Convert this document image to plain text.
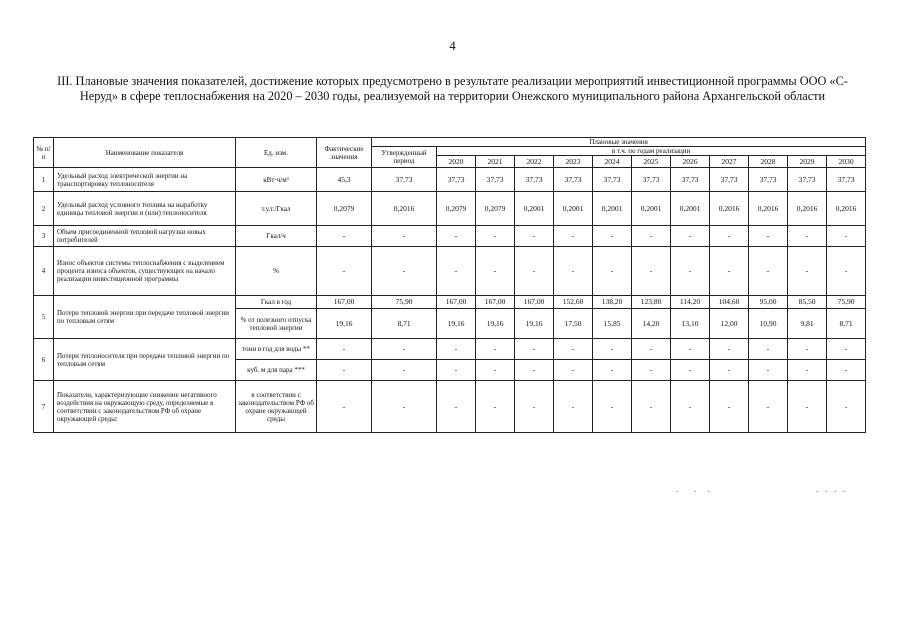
4
III. Плановые значения показателей, достижение которых предусмотрено в результате реализации мероприятий инвестиционной программы ООО «С-Неруд» в сфере теплоснабжения на 2020 – 2030 годы, реализуемой на территории Онежского муниципального района Архангельской области
№ п/п	Наименование показателя	Ед. изм.	Фактические значения	Плановые значения											
				Утвержденный период	в т.ч. по годам реализации										
					2020	2021	2022	2023	2024	2025	2026	2027	2028	2029	2030
1	Удельный расход электрической энергии на транспортировку теплоносителя	кВт·ч/м³	45,3	37,73	37,73	37,73	37,73	37,73	37,73	37,73	37,73	37,73	37,73	37,73	37,73
2	Удельный расход условного топлива на выработку единицы тепловой энергии и (или) теплоносителя	т.у.т./Гкал	0,2079	0,2016	0,2079	0,2079	0,2001	0,2001	0,2001	0,2001	0,2001	0,2016	0,2016	0,2016	0,2016
3	Объем присоединенной тепловой нагрузки новых потребителей	Гкал/ч	-	-	-	-	-	-	-	-	-	-	-	-	-
4	Износ объектов системы теплоснабжения с выделением процента износа объектов, существующих на начало реализации инвестиционной программы	%	-	-	-	-	-	-	-	-	-	-	-	-	-
5	Потери тепловой энергии при передаче тепловой энергии по тепловым сетям	Гкал в год	167,00	75,90	167,00	167,00	167,00	152,60	138,20	123,80	114,20	104,60	95,00	85,50	75,90
		% от полезного отпуска тепловой энергии	19,16	8,71	19,16	19,16	19,16	17,50	15,85	14,20	13,10	12,00	10,90	9,81	8,71
6	Потери теплоносителя при передаче тепловой энергии по тепловым сетям	тонн в год для воды **	-	-	-	-	-	-	-	-	-	-	-	-	-
		куб. м для пара ***	-	-	-	-	-	-	-	-	-	-	-	-	-
7	Показатели, характеризующие снижение негативного воздействия на окружающую среду, определяемые в соответствии с законодательством РФ об охране окружающей среды:	в соответствии с законодательством РФ об охране окружающей среды	-	-	-	-	-	-	-	-	-	-	-	-	-
.   .  .	. . . .
